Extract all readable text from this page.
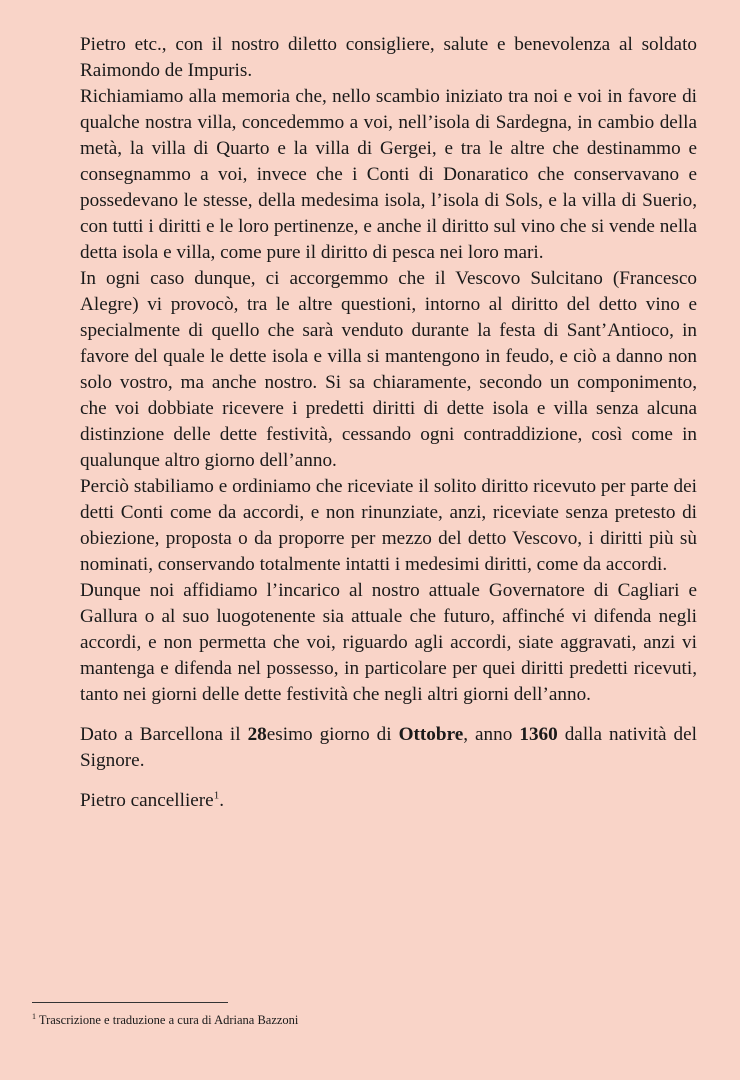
Pietro etc., con il nostro diletto consigliere, salute e benevolenza al soldato Raimondo de Impuris.

Richiamiamo alla memoria che, nello scambio iniziato tra noi e voi in favore di qualche nostra villa, concedemmo a voi, nell’isola di Sardegna, in cambio della metà, la villa di Quarto e la villa di Gergei, e tra le altre che destinammo e consegnammo a voi, invece che i Conti di Donaratico che conservavano e possedevano le stesse, della medesima isola, l’isola di Sols, e la villa di Suerio, con tutti i diritti e le loro pertinenze, e anche il diritto sul vino che si vende nella detta isola e villa, come pure il diritto di pesca nei loro mari.

In ogni caso dunque, ci accorgemmo che il Vescovo Sulcitano (Francesco Alegre) vi provocò, tra le altre questioni, intorno al diritto del detto vino e specialmente di quello che sarà venduto durante la festa di Sant’Antioco, in favore del quale le dette isola e villa si mantengono in feudo, e ciò a danno non solo vostro, ma anche nostro. Si sa chiaramente, secondo un componimento, che voi dobbiate ricevere i predetti diritti di dette isola e villa senza alcuna distinzione delle dette festività, cessando ogni contraddizione, così come in qualunque altro giorno dell’anno.

Perciò stabiliamo e ordiniamo che riceviate il solito diritto ricevuto per parte dei detti Conti come da accordi, e non rinunziate, anzi, riceviate senza pretesto di obiezione, proposta o da proporre per mezzo del detto Vescovo, i diritti più sù nominati, conservando totalmente intatti i medesimi diritti, come da accordi.

Dunque noi affidiamo l’incarico al nostro attuale Governatore di Cagliari e Gallura o al suo luogotenente sia attuale che futuro, affinché vi difenda negli accordi, e non permetta che voi, riguardo agli accordi, siate aggravati, anzi vi mantenga e difenda nel possesso, in particolare per quei diritti predetti ricevuti, tanto nei giorni delle dette festività che negli altri giorni dell’anno.

Dato a Barcellona il 28esimo giorno di Ottobre, anno 1360 dalla natività del Signore.

Pietro cancelliere$^1$.

$^1$ Trascrizione e traduzione a cura di Adriana Bazzoni
